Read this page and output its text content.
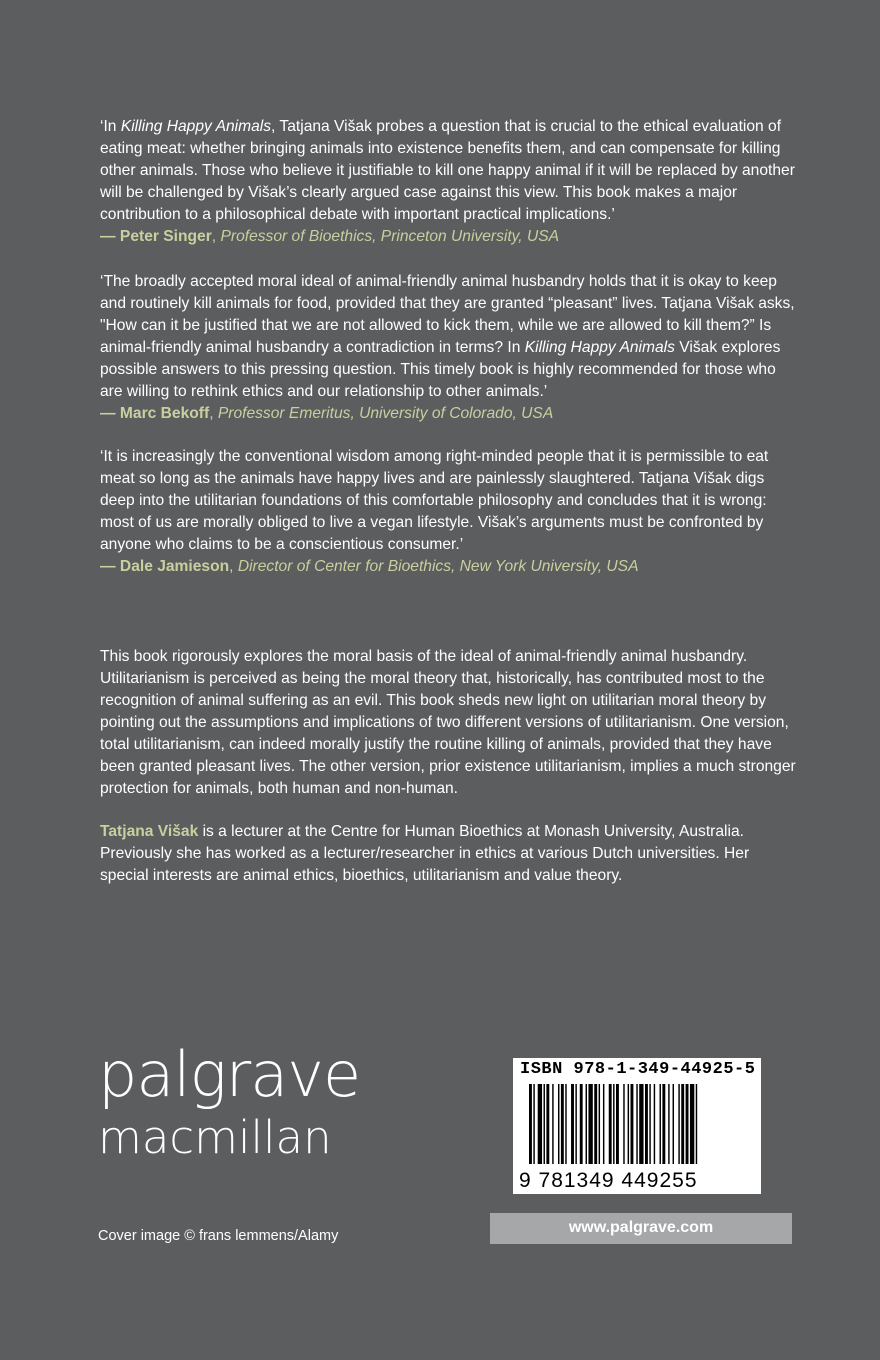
‘In Killing Happy Animals, Tatjana Višak probes a question that is crucial to the ethical evaluation of eating meat: whether bringing animals into existence benefits them, and can compensate for killing other animals. Those who believe it justifiable to kill one happy animal if it will be replaced by another will be challenged by Višak’s clearly argued case against this view. This book makes a major contribution to a philosophical debate with important practical implications.’

— Peter Singer, Professor of Bioethics, Princeton University, USA

‘The broadly accepted moral ideal of animal-friendly animal husbandry holds that it is okay to keep and routinely kill animals for food, provided that they are granted “pleasant” lives. Tatjana Višak asks, "How can it be justified that we are not allowed to kick them, while we are allowed to kill them?” Is animal-friendly animal husbandry a contradiction in terms? In Killing Happy Animals Višak explores possible answers to this pressing question. This timely book is highly recommended for those who are willing to rethink ethics and our relationship to other animals.’

— Marc Bekoff, Professor Emeritus, University of Colorado, USA

‘It is increasingly the conventional wisdom among right-minded people that it is permissible to eat meat so long as the animals have happy lives and are painlessly slaughtered. Tatjana Višak digs deep into the utilitarian foundations of this comfortable philosophy and concludes that it is wrong: most of us are morally obliged to live a vegan lifestyle. Višak’s arguments must be confronted by anyone who claims to be a conscientious consumer.’

— Dale Jamieson, Director of Center for Bioethics, New York University, USA

This book rigorously explores the moral basis of the ideal of animal-friendly animal husbandry. Utilitarianism is perceived as being the moral theory that, historically, has contributed most to the recognition of animal suffering as an evil. This book sheds new light on utilitarian moral theory by pointing out the assumptions and implications of two different versions of utilitarianism. One version, total utilitarianism, can indeed morally justify the routine killing of animals, provided that they have been granted pleasant lives. The other version, prior existence utilitarianism, implies a much stronger protection for animals, both human and non-human.

Tatjana Višak is a lecturer at the Centre for Human Bioethics at Monash University, Australia. Previously she has worked as a lecturer/researcher in ethics at various Dutch universities. Her special interests are animal ethics, bioethics, utilitarianism and value theory.

palgrave
macmillan
ISBN 978-1-349-44925-5
9 781349 449255
www.palgrave.com
Cover image © frans lemmens/Alamy
